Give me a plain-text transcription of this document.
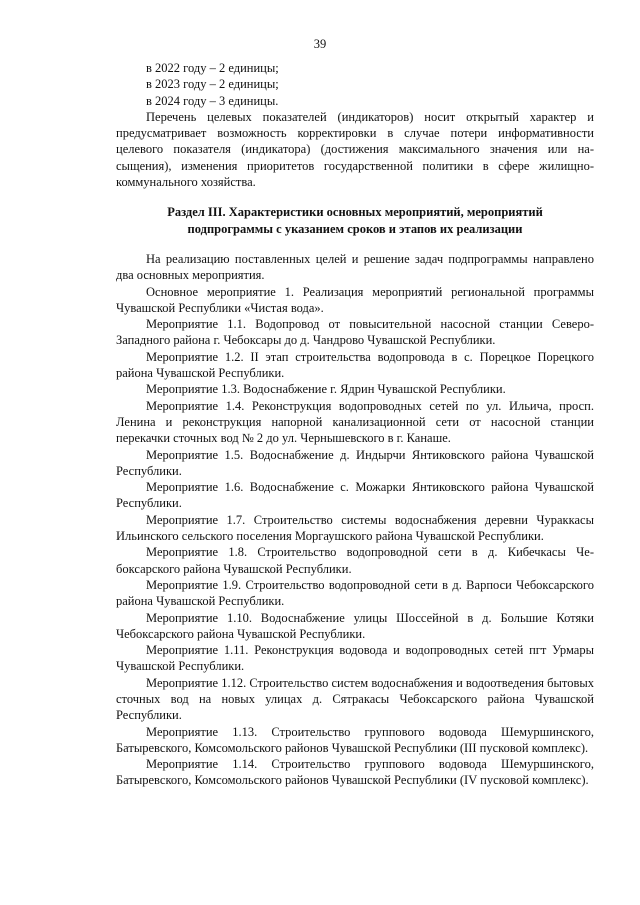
39

в 2022 году – 2 единицы;

в 2023 году – 2 единицы;

в 2024 году – 3 единицы.

Перечень целевых показателей (индикаторов) носит открытый характер и предусматривает возможность корректировки в случае потери информативности целевого показателя (индикатора) (достижения максимального значения или насыщения), изменения приоритетов государственной политики в сфере жилищно-коммунального хозяйства.

Раздел III. Характеристики основных мероприятий, мероприятий
подпрограммы с указанием сроков и этапов их реализации

На реализацию поставленных целей и решение задач подпрограммы направлено два основных мероприятия.

Основное мероприятие 1. Реализация мероприятий региональной программы Чувашской Республики «Чистая вода».

Мероприятие 1.1. Водопровод от повысительной насосной станции Северо-Западного района г. Чебоксары до д. Чандрово Чувашской Республики.

Мероприятие 1.2. II этап строительства водопровода в с. Порецкое Порецкого района Чувашской Республики.

Мероприятие 1.3. Водоснабжение г. Ядрин Чувашской Республики.

Мероприятие 1.4. Реконструкция водопроводных сетей по ул. Ильича, просп. Ленина и реконструкция напорной канализационной сети от насосной станции перекачки сточных вод № 2 до ул. Чернышевского в г. Канаше.

Мероприятие 1.5. Водоснабжение д. Индырчи Янтиковского района Чувашской Республики.

Мероприятие 1.6. Водоснабжение с. Можарки Янтиковского района Чувашской Республики.

Мероприятие 1.7. Строительство системы водоснабжения деревни Чураккасы Ильинского сельского поселения Моргаушского района Чувашской Республики.

Мероприятие 1.8. Строительство водопроводной сети в д. Кибечкасы Чебоксарского района Чувашской Республики.

Мероприятие 1.9. Строительство водопроводной сети в д. Варпоси Чебоксарского района Чувашской Республики.

Мероприятие 1.10. Водоснабжение улицы Шоссейной в д. Большие Котяки Чебоксарского района Чувашской Республики.

Мероприятие 1.11. Реконструкция водовода и водопроводных сетей пгт Урмары Чувашской Республики.

Мероприятие 1.12. Строительство систем водоснабжения и водоотведения бытовых сточных вод на новых улицах д. Сятракасы Чебоксарского района Чувашской Республики.

Мероприятие 1.13. Строительство группового водовода Шемуршинского, Батыревского, Комсомольского районов Чувашской Республики (III пусковой комплекс).

Мероприятие 1.14. Строительство группового водовода Шемуршинского, Батыревского, Комсомольского районов Чувашской Республики (IV пусковой комплекс).
